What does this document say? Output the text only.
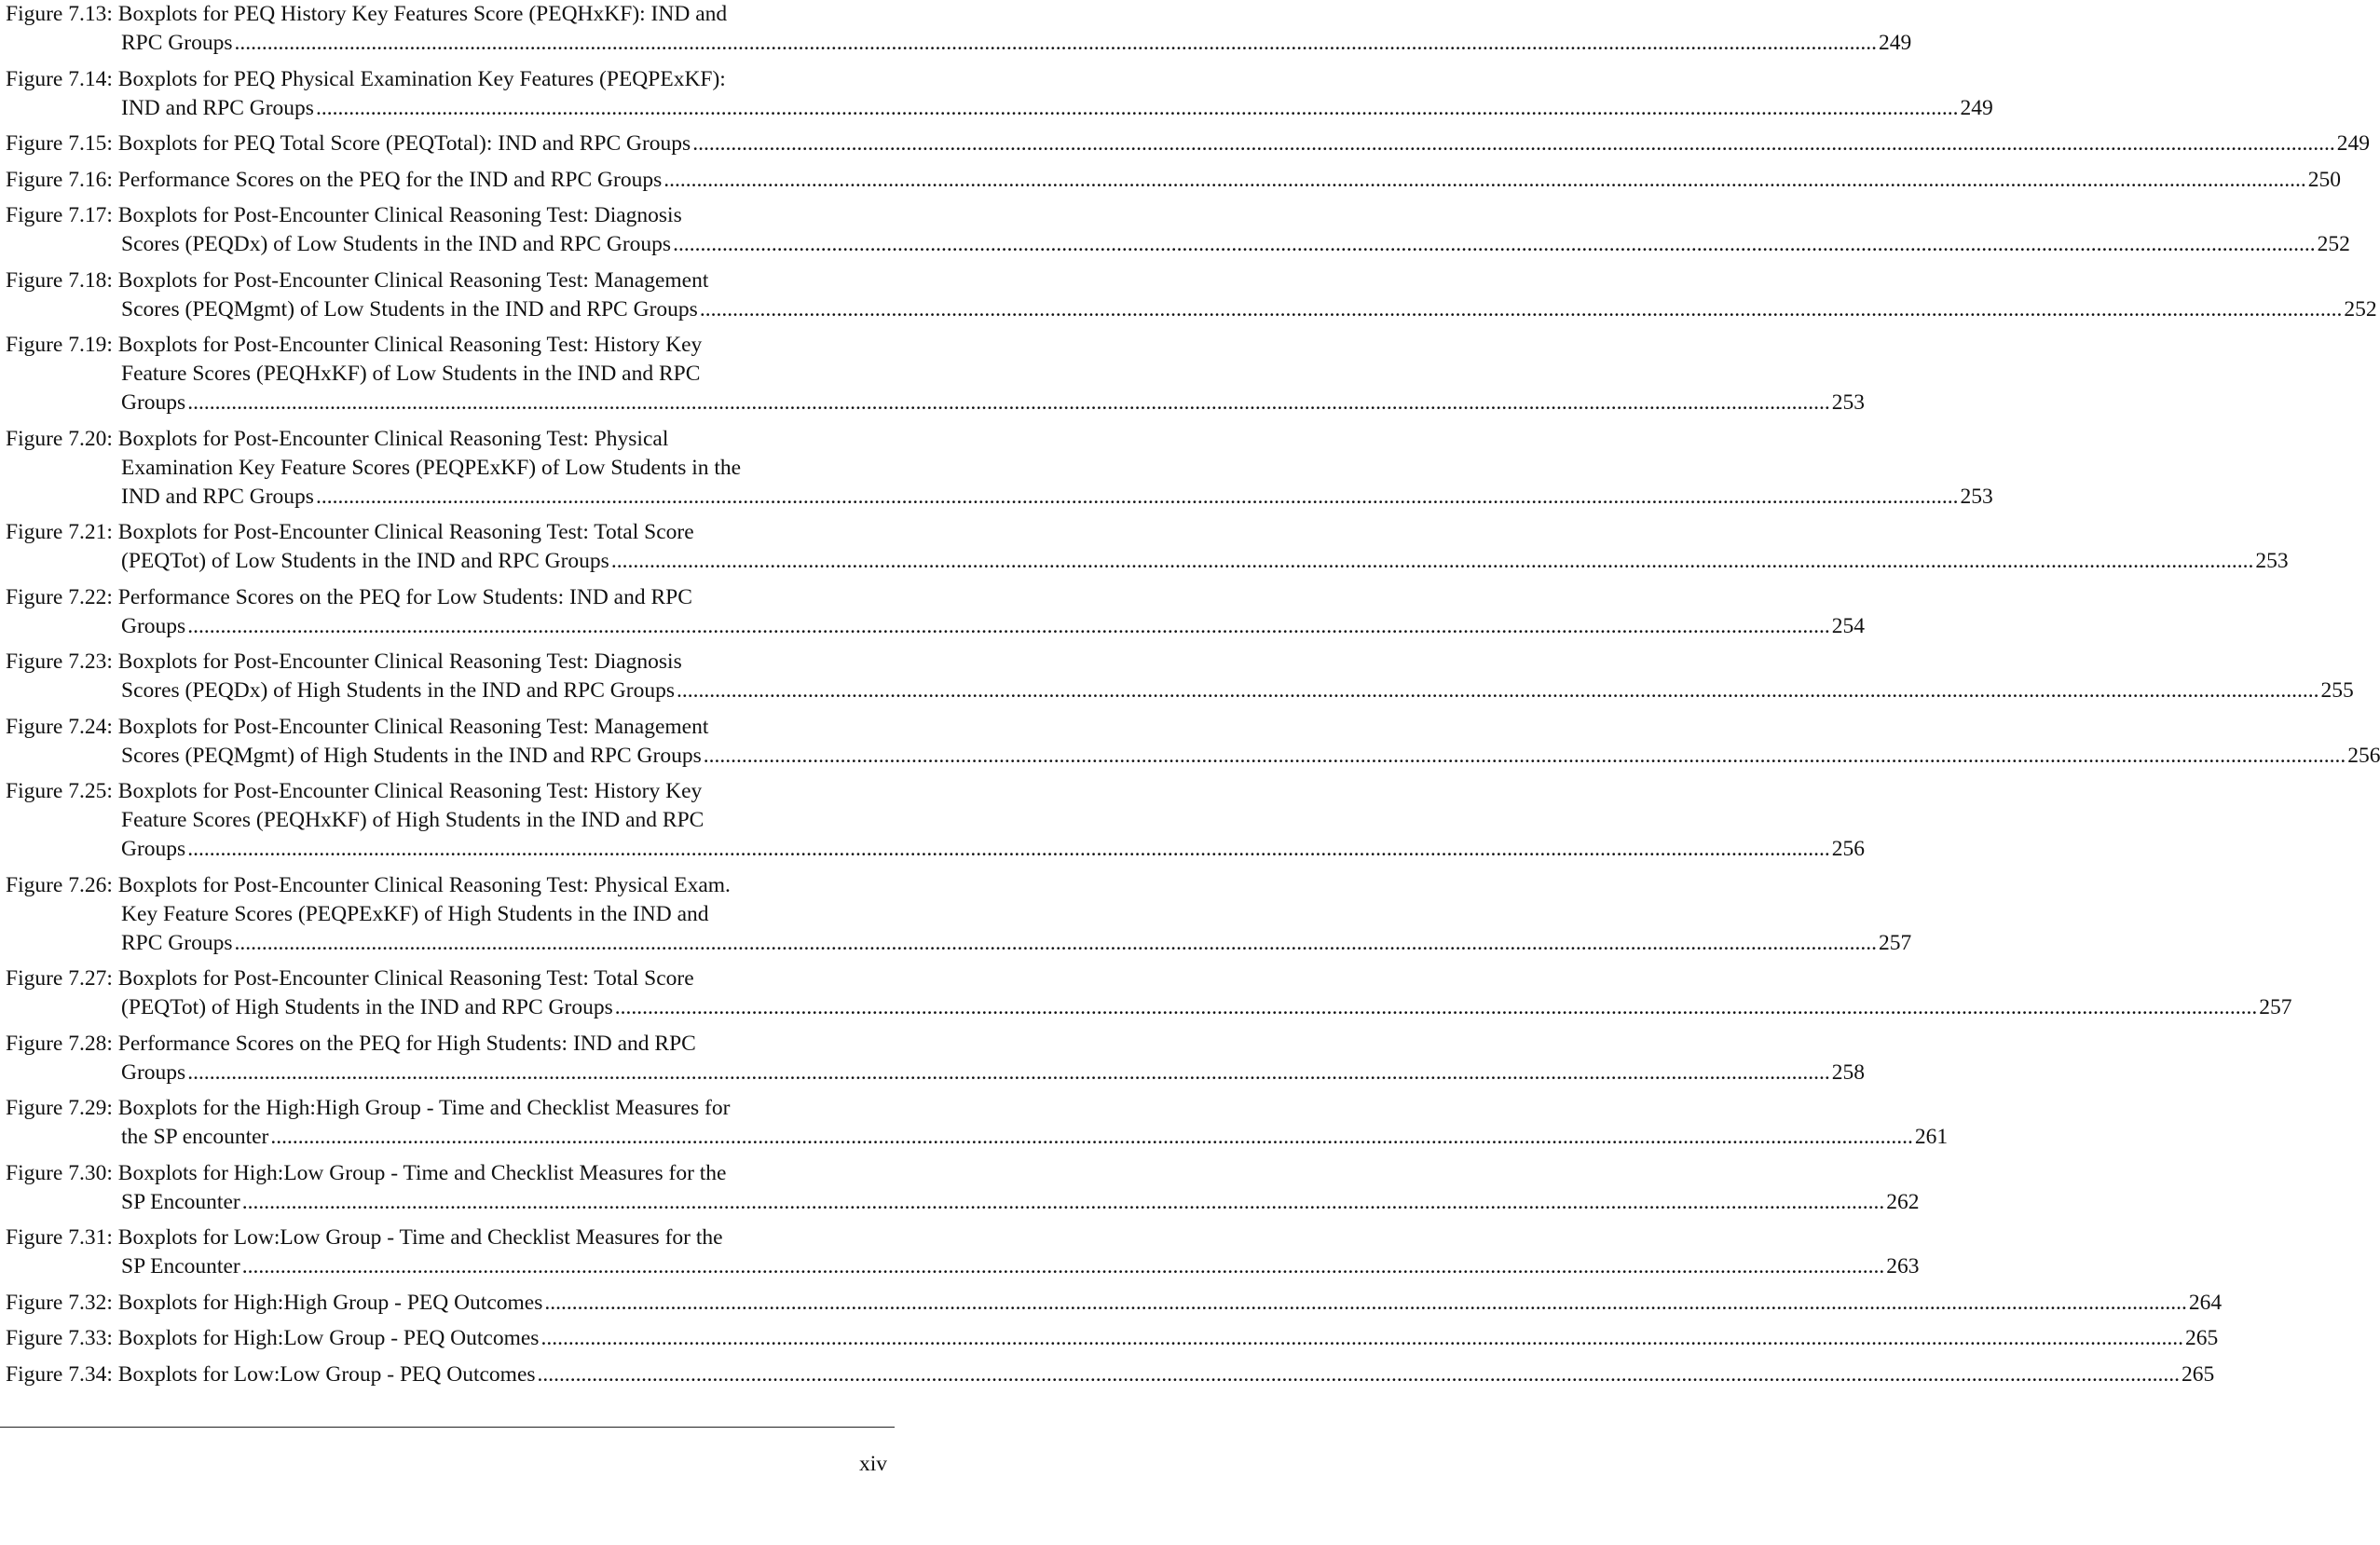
Figure 7.13:
Boxplots for PEQ History Key Features Score (PEQHxKF): IND and
RPC Groups ............................................................................................................................................................................................................................................................................................................ 249
Figure 7.14:
Boxplots for PEQ Physical Examination Key Features (PEQPExKF):
IND and RPC Groups ............................................................................................................................................................................................................................................................................................................ 249
Figure 7.15:
Boxplots for PEQ Total Score (PEQTotal): IND and RPC Groups ............................................................................................................................................................................................................................................................................................................ 249
Figure 7.16:
Performance Scores on the PEQ for the IND and RPC Groups ............................................................................................................................................................................................................................................................................................................ 250
Figure 7.17:
Boxplots for Post-Encounter Clinical Reasoning Test: Diagnosis
Scores (PEQDx) of Low Students in the IND and RPC Groups ............................................................................................................................................................................................................................................................................................................ 252
Figure 7.18:
Boxplots for Post-Encounter Clinical Reasoning Test: Management
Scores (PEQMgmt) of Low Students in the IND and RPC Groups ............................................................................................................................................................................................................................................................................................................ 252
Figure 7.19:
Boxplots for Post-Encounter Clinical Reasoning Test: History Key
Feature Scores (PEQHxKF) of Low Students in the IND and RPC
Groups ............................................................................................................................................................................................................................................................................................................ 253
Figure 7.20:
Boxplots for Post-Encounter Clinical Reasoning Test: Physical
Examination Key Feature Scores (PEQPExKF) of Low Students in the
IND and RPC Groups ............................................................................................................................................................................................................................................................................................................ 253
Figure 7.21:
Boxplots for Post-Encounter Clinical Reasoning Test: Total Score
(PEQTot) of Low Students in the IND and RPC Groups ............................................................................................................................................................................................................................................................................................................ 253
Figure 7.22:
Performance Scores on the PEQ for Low Students: IND and RPC
Groups ............................................................................................................................................................................................................................................................................................................ 254
Figure 7.23:
Boxplots for Post-Encounter Clinical Reasoning Test: Diagnosis
Scores (PEQDx) of High Students in the IND and RPC Groups ............................................................................................................................................................................................................................................................................................................ 255
Figure 7.24:
Boxplots for Post-Encounter Clinical Reasoning Test: Management
Scores (PEQMgmt) of High Students in the IND and RPC Groups ............................................................................................................................................................................................................................................................................................................ 256
Figure 7.25:
Boxplots for Post-Encounter Clinical Reasoning Test: History Key
Feature Scores (PEQHxKF) of High Students in the IND and RPC
Groups ............................................................................................................................................................................................................................................................................................................ 256
Figure 7.26:
Boxplots for Post-Encounter Clinical Reasoning Test: Physical Exam.
Key Feature Scores (PEQPExKF) of High Students in the IND and
RPC Groups ............................................................................................................................................................................................................................................................................................................ 257
Figure 7.27:
Boxplots for Post-Encounter Clinical Reasoning Test: Total Score
(PEQTot) of High Students in the IND and RPC Groups ............................................................................................................................................................................................................................................................................................................ 257
Figure 7.28:
Performance Scores on the PEQ for High Students: IND and RPC
Groups ............................................................................................................................................................................................................................................................................................................ 258
Figure 7.29:
Boxplots for the High:High Group - Time and Checklist Measures for
the SP encounter ............................................................................................................................................................................................................................................................................................................ 261
Figure 7.30:
Boxplots for High:Low Group - Time and Checklist Measures for the
SP Encounter ............................................................................................................................................................................................................................................................................................................ 262
Figure 7.31:
Boxplots for Low:Low Group - Time and Checklist Measures for the
SP Encounter ............................................................................................................................................................................................................................................................................................................ 263
Figure 7.32:
Boxplots for High:High Group - PEQ Outcomes ............................................................................................................................................................................................................................................................................................................ 264
Figure 7.33:
Boxplots for High:Low Group - PEQ Outcomes ............................................................................................................................................................................................................................................................................................................ 265
Figure 7.34:
Boxplots for Low:Low Group - PEQ Outcomes ............................................................................................................................................................................................................................................................................................................ 265
xiv
